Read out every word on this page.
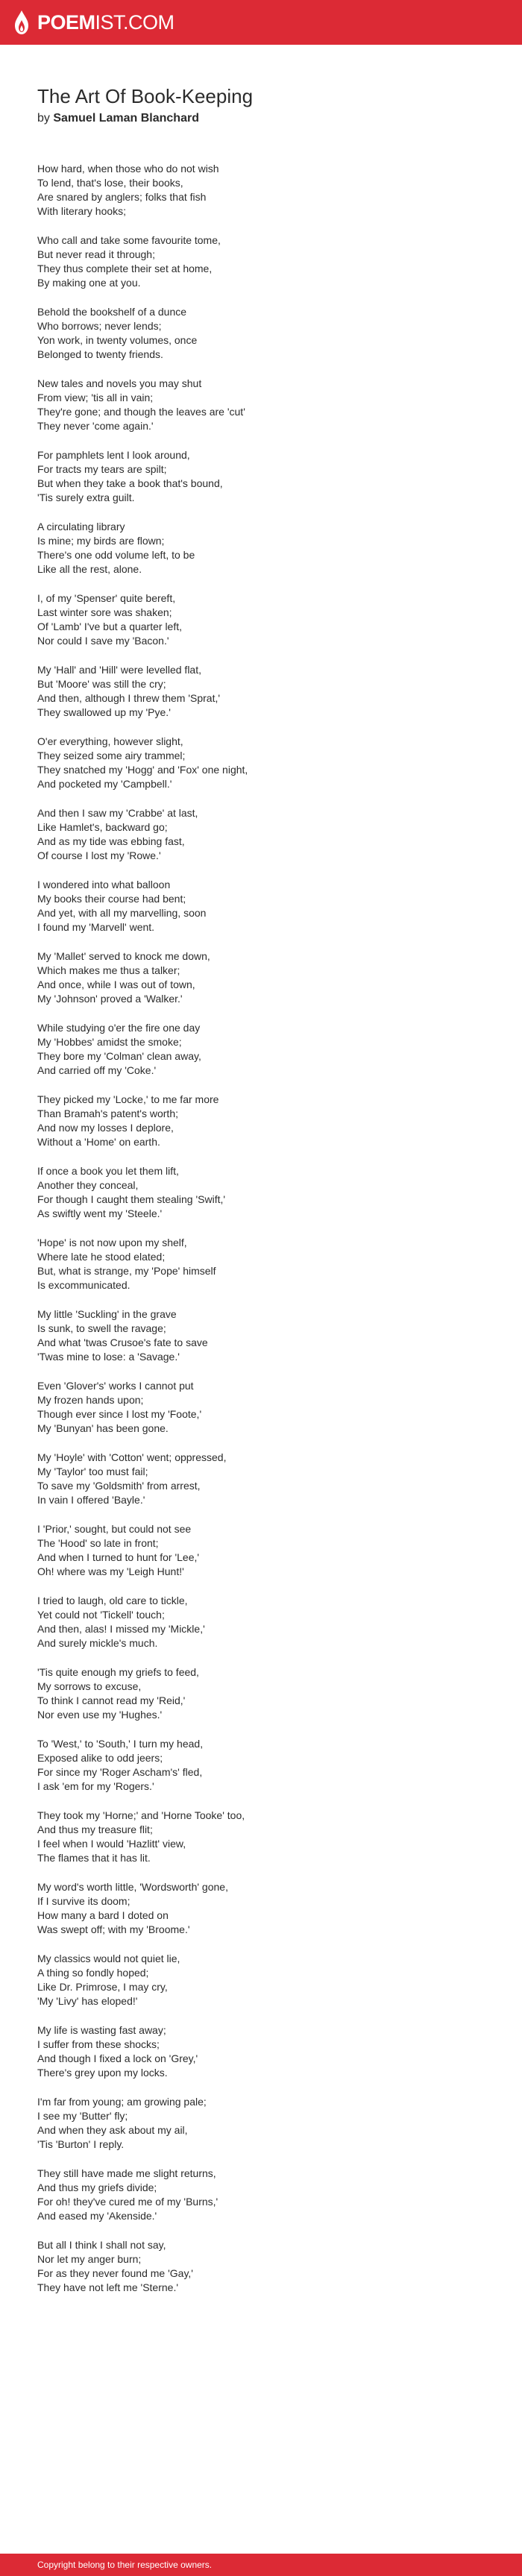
POEMIST.COM
The Art Of Book-Keeping
by Samuel Laman Blanchard

How hard, when those who do not wish
To lend, that's lose, their books,
Are snared by anglers; folks that fish
With literary hooks;

Who call and take some favourite tome,
But never read it through;
They thus complete their set at home,
By making one at you.

Behold the bookshelf of a dunce
Who borrows; never lends;
Yon work, in twenty volumes, once
Belonged to twenty friends.

New tales and novels you may shut
From view; 'tis all in vain;
They're gone; and though the leaves are 'cut'
They never 'come again.'

For pamphlets lent I look around,
For tracts my tears are spilt;
But when they take a book that's bound,
'Tis surely extra guilt.

A circulating library
Is mine; my birds are flown;
There's one odd volume left, to be
Like all the rest, alone.

I, of my 'Spenser' quite bereft,
Last winter sore was shaken;
Of 'Lamb' I've but a quarter left,
Nor could I save my 'Bacon.'

My 'Hall' and 'Hill' were levelled flat,
But 'Moore' was still the cry;
And then, although I threw them 'Sprat,'
They swallowed up my 'Pye.'

O'er everything, however slight,
They seized some airy trammel;
They snatched my 'Hogg' and 'Fox' one night,
And pocketed my 'Campbell.'

And then I saw my 'Crabbe' at last,
Like Hamlet's, backward go;
And as my tide was ebbing fast,
Of course I lost my 'Rowe.'

I wondered into what balloon
My books their course had bent;
And yet, with all my marvelling, soon
I found my 'Marvell' went.

My 'Mallet' served to knock me down,
Which makes me thus a talker;
And once, while I was out of town,
My 'Johnson' proved a 'Walker.'

While studying o'er the fire one day
My 'Hobbes' amidst the smoke;
They bore my 'Colman' clean away,
And carried off my 'Coke.'

They picked my 'Locke,' to me far more
Than Bramah's patent's worth;
And now my losses I deplore,
Without a 'Home' on earth.

If once a book you let them lift,
Another they conceal,
For though I caught them stealing 'Swift,'
As swiftly went my 'Steele.'

'Hope' is not now upon my shelf,
Where late he stood elated;
But, what is strange, my 'Pope' himself
Is excommunicated.

My little 'Suckling' in the grave
Is sunk, to swell the ravage;
And what 'twas Crusoe's fate to save
'Twas mine to lose: a 'Savage.'

Even 'Glover's' works I cannot put
My frozen hands upon;
Though ever since I lost my 'Foote,'
My 'Bunyan' has been gone.

My 'Hoyle' with 'Cotton' went; oppressed,
My 'Taylor' too must fail;
To save my 'Goldsmith' from arrest,
In vain I offered 'Bayle.'

I 'Prior,' sought, but could not see
The 'Hood' so late in front;
And when I turned to hunt for 'Lee,'
Oh! where was my 'Leigh Hunt!'

I tried to laugh, old care to tickle,
Yet could not 'Tickell' touch;
And then, alas! I missed my 'Mickle,'
And surely mickle's much.

'Tis quite enough my griefs to feed,
My sorrows to excuse,
To think I cannot read my 'Reid,'
Nor even use my 'Hughes.'

To 'West,' to 'South,' I turn my head,
Exposed alike to odd jeers;
For since my 'Roger Ascham's' fled,
I ask 'em for my 'Rogers.'

They took my 'Horne;' and 'Horne Tooke' too,
And thus my treasure flit;
I feel when I would 'Hazlitt' view,
The flames that it has lit.

My word's worth little, 'Wordsworth' gone,
If I survive its doom;
How many a bard I doted on
Was swept off; with my 'Broome.'

My classics would not quiet lie,
A thing so fondly hoped;
Like Dr. Primrose, I may cry,
'My 'Livy' has eloped!'

My life is wasting fast away;
I suffer from these shocks;
And though I fixed a lock on 'Grey,'
There's grey upon my locks.

I'm far from young; am growing pale;
I see my 'Butter' fly;
And when they ask about my ail,
'Tis 'Burton' I reply.

They still have made me slight returns,
And thus my griefs divide;
For oh! they've cured me of my 'Burns,'
And eased my 'Akenside.'

But all I think I shall not say,
Nor let my anger burn;
For as they never found me 'Gay,'
They have not left me 'Sterne.'

Copyright belong to their respective owners.
